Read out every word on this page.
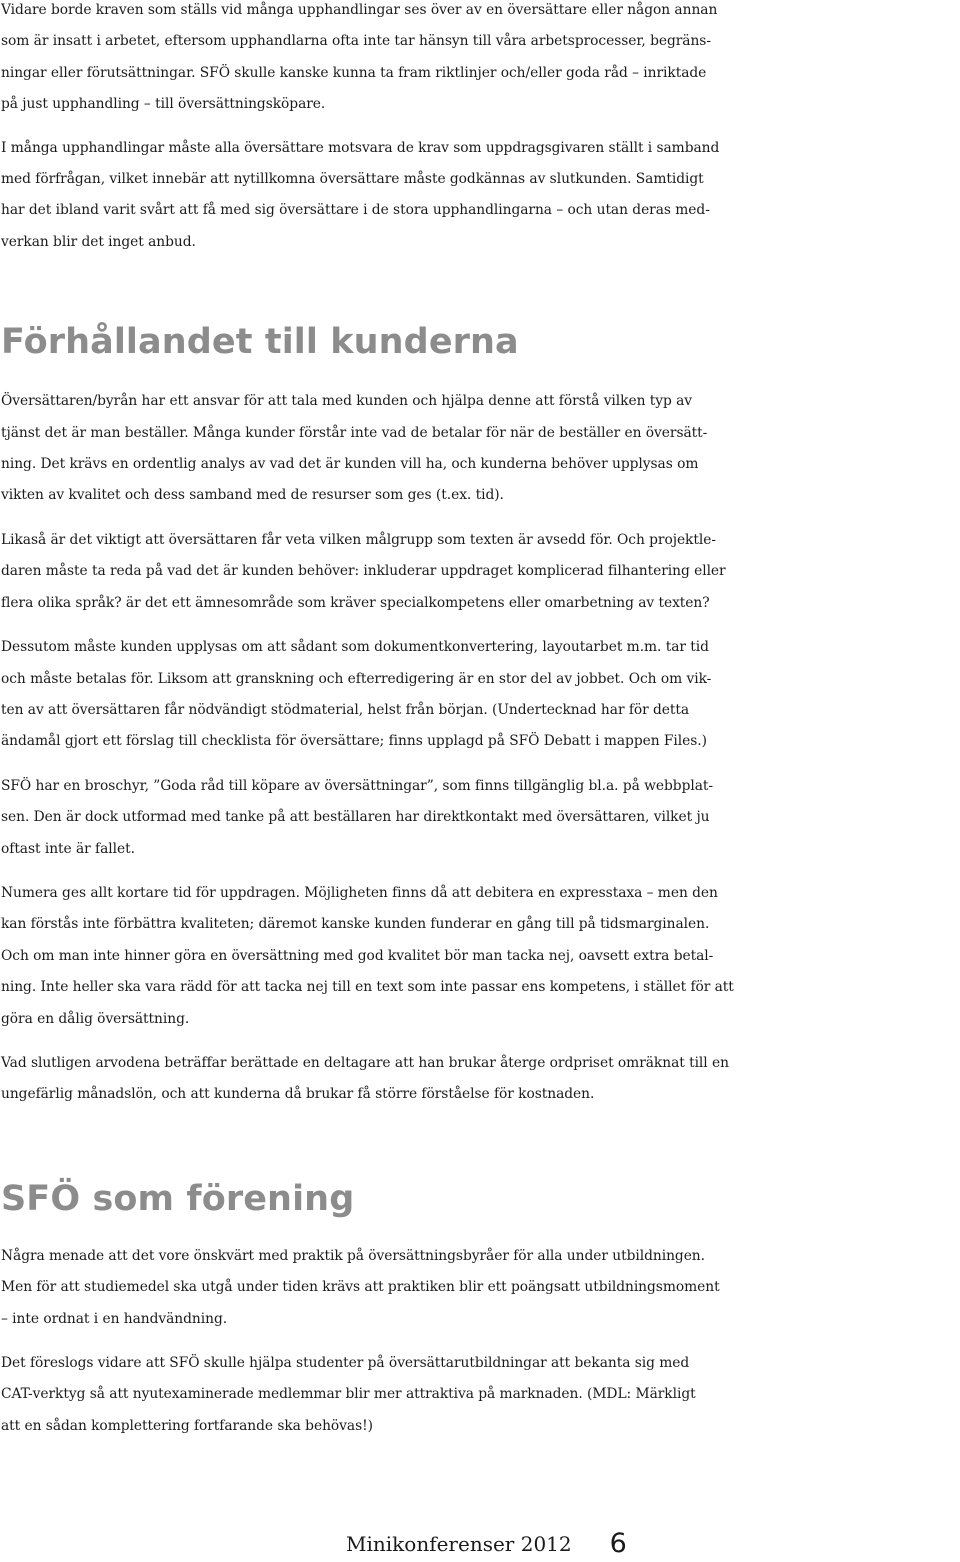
Vidare borde kraven som ställs vid många upphandlingar ses över av en översättare eller någon annan
som är insatt i arbetet, eftersom upphandlarna ofta inte tar hänsyn till våra arbetsprocesser, begräns-
ningar eller förutsättningar. SFÖ skulle kanske kunna ta fram riktlinjer och/eller goda råd – inriktade
på just upphandling – till översättningsköpare.

I många upphandlingar måste alla översättare motsvara de krav som uppdragsgivaren ställt i samband
med förfrågan, vilket innebär att nytillkomna översättare måste godkännas av slutkunden. Samtidigt
har det ibland varit svårt att få med sig översättare i de stora upphandlingarna – och utan deras med-
verkan blir det inget anbud.

Förhållandet till kunderna

Översättaren/byrån har ett ansvar för att tala med kunden och hjälpa denne att förstå vilken typ av
tjänst det är man beställer. Många kunder förstår inte vad de betalar för när de beställer en översätt-
ning. Det krävs en ordentlig analys av vad det är kunden vill ha, och kunderna behöver upplysas om
vikten av kvalitet och dess samband med de resurser som ges (t.ex. tid).

Likaså är det viktigt att översättaren får veta vilken målgrupp som texten är avsedd för. Och projektle-
daren måste ta reda på vad det är kunden behöver: inkluderar uppdraget komplicerad filhantering eller
flera olika språk? är det ett ämnesområde som kräver specialkompetens eller omarbetning av texten?

Dessutom måste kunden upplysas om att sådant som dokumentkonvertering, layoutarbet m.m. tar tid
och måste betalas för. Liksom att granskning och efterredigering är en stor del av jobbet. Och om vik-
ten av att översättaren får nödvändigt stödmaterial, helst från början. (Undertecknad har för detta
ändamål gjort ett förslag till checklista för översättare; finns upplagd på SFÖ Debatt i mappen Files.)

SFÖ har en broschyr, ”Goda råd till köpare av översättningar”, som finns tillgänglig bl.a. på webbplat-
sen. Den är dock utformad med tanke på att beställaren har direktkontakt med översättaren, vilket ju
oftast inte är fallet.

Numera ges allt kortare tid för uppdragen. Möjligheten finns då att debitera en expresstaxa – men den
kan förstås inte förbättra kvaliteten; däremot kanske kunden funderar en gång till på tidsmarginalen.
Och om man inte hinner göra en översättning med god kvalitet bör man tacka nej, oavsett extra betal-
ning. Inte heller ska vara rädd för att tacka nej till en text som inte passar ens kompetens, i stället för att
göra en dålig översättning.

Vad slutligen arvodena beträffar berättade en deltagare att han brukar återge ordpriset omräknat till en
ungefärlig månadslön, och att kunderna då brukar få större förståelse för kostnaden.

SFÖ som förening

Några menade att det vore önskvärt med praktik på översättningsbyråer för alla under utbildningen.
Men för att studiemedel ska utgå under tiden krävs att praktiken blir ett poängsatt utbildningsmoment
– inte ordnat i en handvändning.

Det föreslogs vidare att SFÖ skulle hjälpa studenter på översättarutbildningar att bekanta sig med
CAT-verktyg så att nyutexaminerade medlemmar blir mer attraktiva på marknaden. (MDL: Märkligt
att en sådan komplettering fortfarande ska behövas!)

Minikonferenser 2012 6
